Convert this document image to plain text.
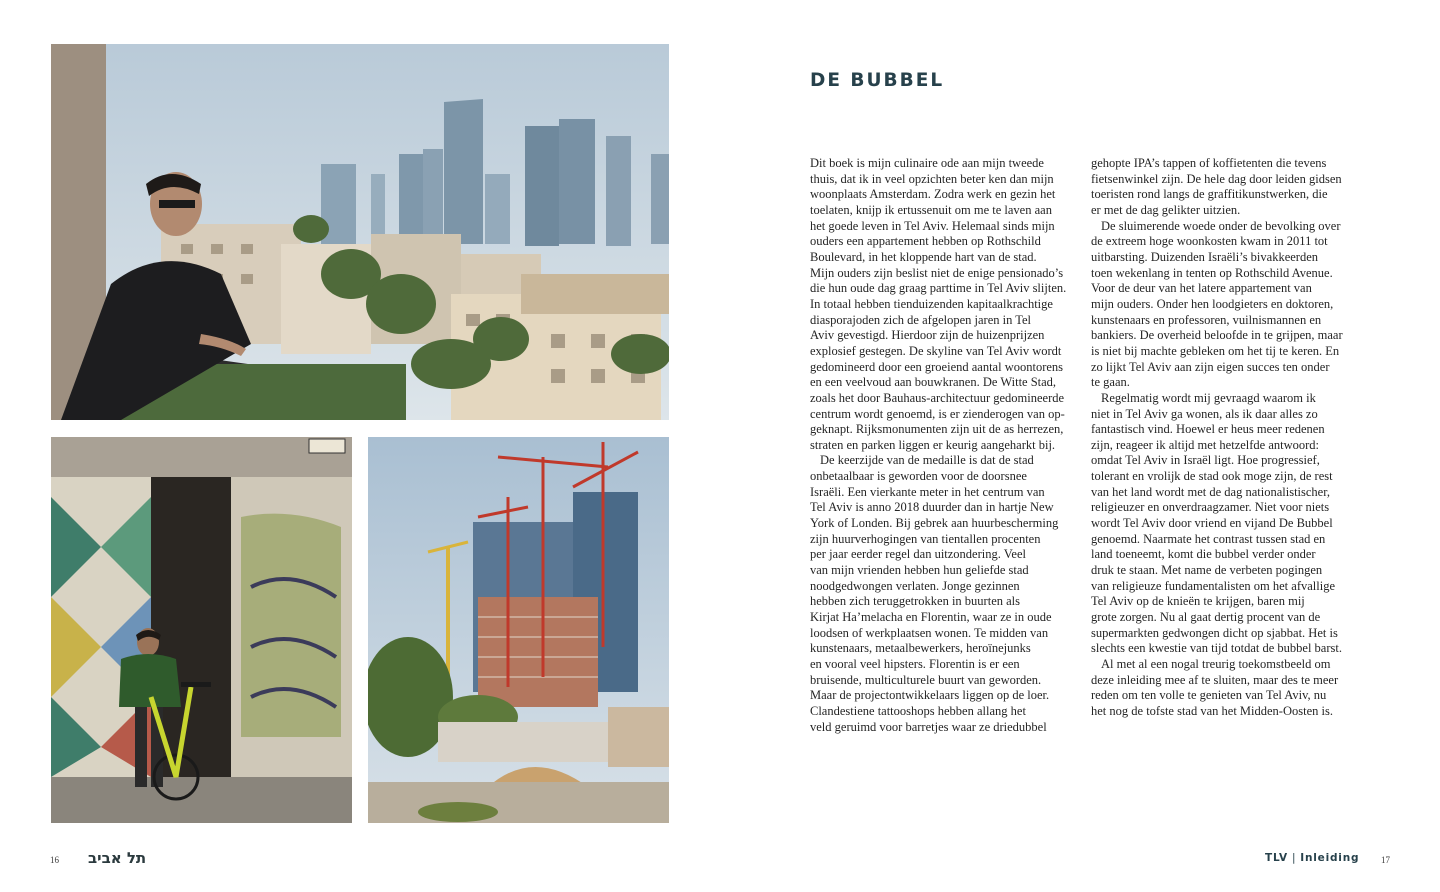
DE BUBBEL
Dit boek is mijn culinaire ode aan mijn tweede
thuis, dat ik in veel opzichten beter ken dan mijn
woonplaats Amsterdam. Zodra werk en gezin het
toelaten, knijp ik ertussenuit om me te laven aan
het goede leven in Tel Aviv. Helemaal sinds mijn
ouders een appartement hebben op Rothschild
Boulevard, in het kloppende hart van de stad.
Mijn ouders zijn beslist niet de enige pensionado’s
die hun oude dag graag parttime in Tel Aviv slijten.
In totaal hebben tienduizenden kapitaalkrachtige
diasporajoden zich de afgelopen jaren in Tel
Aviv gevestigd. Hierdoor zijn de huizenprijzen
explosief gestegen. De skyline van Tel Aviv wordt
gedomineerd door een groeiend aantal woontorens
en een veelvoud aan bouwkranen. De Witte Stad,
zoals het door Bauhaus-architectuur gedomineerde
centrum wordt genoemd, is er zienderogen van op-
geknapt. Rijksmonumenten zijn uit de as herrezen,
straten en parken liggen er keurig aangeharkt bij.
De keerzijde van de medaille is dat de stad
onbetaalbaar is geworden voor de doorsnee
Israëli. Een vierkante meter in het centrum van
Tel Aviv is anno 2018 duurder dan in hartje New
York of Londen. Bij gebrek aan huurbescherming
zijn huurverhogingen van tientallen procenten
per jaar eerder regel dan uitzondering. Veel
van mijn vrienden hebben hun geliefde stad
noodgedwongen verlaten. Jonge gezinnen
hebben zich teruggetrokken in buurten als
Kirjat Ha’melacha en Florentin, waar ze in oude
loodsen of werkplaatsen wonen. Te midden van
kunstenaars, metaalbewerkers, heroïnejunks
en vooral veel hipsters. Florentin is er een
bruisende, multiculturele buurt van geworden.
Maar de projectontwikkelaars liggen op de loer.
Clandestiene tattooshops hebben allang het
veld geruimd voor barretjes waar ze driedubbel
gehopte IPA’s tappen of koffietenten die tevens
fietsenwinkel zijn. De hele dag door leiden gidsen
toeristen rond langs de graffitikunstwerken, die
er met de dag gelikter uitzien.
De sluimerende woede onder de bevolking over
de extreem hoge woonkosten kwam in 2011 tot
uitbarsting. Duizenden Israëli’s bivakkeerden
toen wekenlang in tenten op Rothschild Avenue.
Voor de deur van het latere appartement van
mijn ouders. Onder hen loodgieters en doktoren,
kunstenaars en professoren, vuilnismannen en
bankiers. De overheid beloofde in te grijpen, maar
is niet bij machte gebleken om het tij te keren. En
zo lijkt Tel Aviv aan zijn eigen succes ten onder
te gaan.
Regelmatig wordt mij gevraagd waarom ik
niet in Tel Aviv ga wonen, als ik daar alles zo
fantastisch vind. Hoewel er heus meer redenen
zijn, reageer ik altijd met hetzelfde antwoord:
omdat Tel Aviv in Israël ligt. Hoe progressief,
tolerant en vrolijk de stad ook moge zijn, de rest
van het land wordt met de dag nationalistischer,
religieuzer en onverdraagzamer. Niet voor niets
wordt Tel Aviv door vriend en vijand De Bubbel
genoemd. Naarmate het contrast tussen stad en
land toeneemt, komt die bubbel verder onder
druk te staan. Met name de verbeten pogingen
van religieuze fundamentalisten om het afvallige
Tel Aviv op de knieën te krijgen, baren mij
grote zorgen. Nu al gaat dertig procent van de
supermarkten gedwongen dicht op sjabbat. Het is
slechts een kwestie van tijd totdat de bubbel barst.
Al met al een nogal treurig toekomstbeeld om
deze inleiding mee af te sluiten, maar des te meer
reden om ten volle te genieten van Tel Aviv, nu
het nog de tofste stad van het Midden-Oosten is.
16 תל אביב	TLV | Inleiding 17
